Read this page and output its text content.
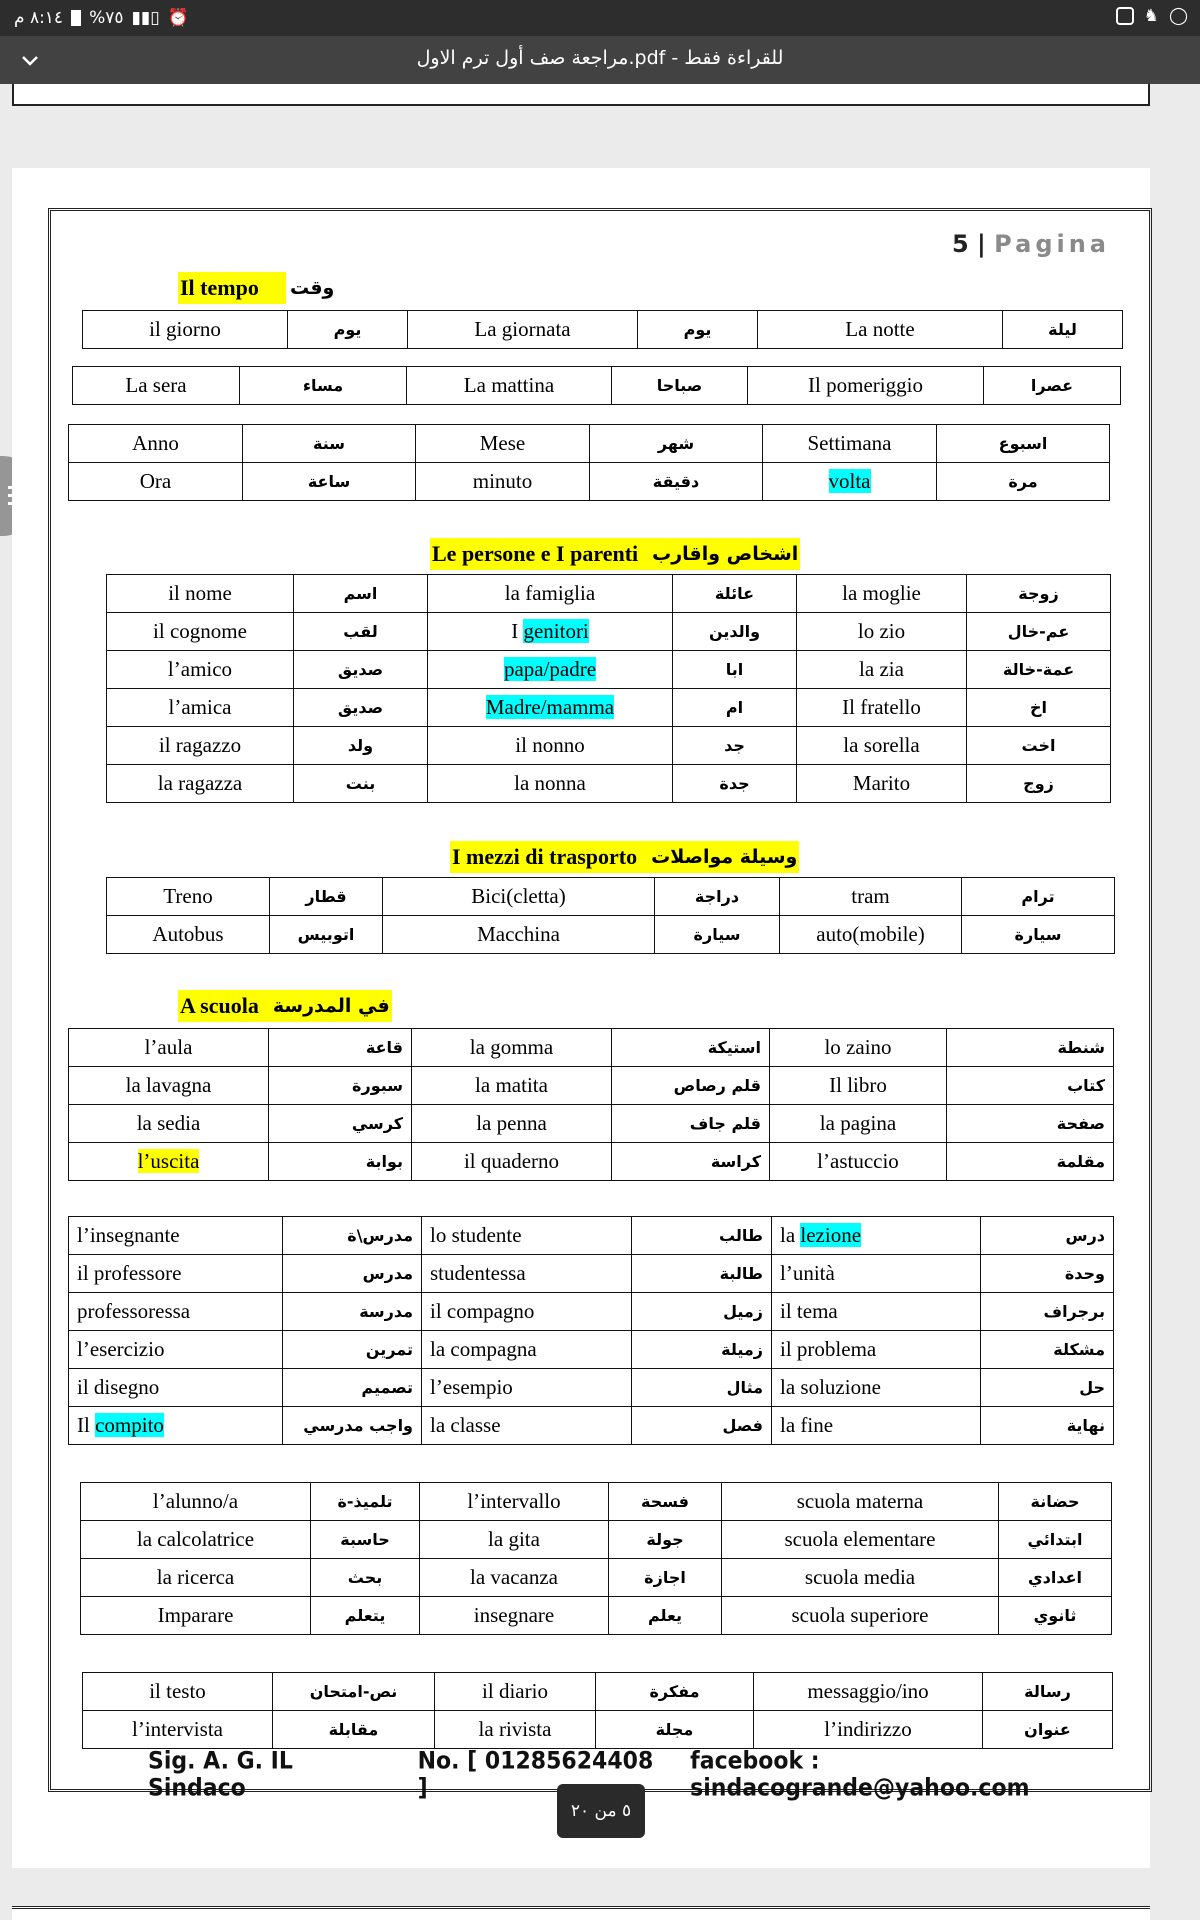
٨:١٤ م %٧٥ ▮▮▯ ⏰	♞ ◯
مراجعة صف أول ترم الاول.pdf - للقراءة فقط
5 | Pagina
Il tempo وقت
il giorno	يوم	La giornata	يوم	La notte	ليلة
La sera	مساء	La mattina	صباحا	Il pomeriggio	عصرا
Anno	سنة	Mese	شهر	Settimana	اسبوع
Ora	ساعة	minuto	دقيقة	volta	مرة
Le persone e I parenti اشخاص واقارب
il nome	اسم	la famiglia	عائلة	la moglie	زوجة
il cognome	لقب	I genitori	والدين	lo zio	عم-خال
l’amico	صديق	papa/padre	ابا	la zia	عمة-خالة
l’amica	صديق	Madre/mamma	ام	Il fratello	اخ
il ragazzo	ولد	il nonno	جد	la sorella	اخت
la ragazza	بنت	la nonna	جدة	Marito	زوج
I mezzi di trasporto وسيلة مواصلات
Treno	قطار	Bici(cletta)	دراجة	tram	ترام
Autobus	اتوبيس	Macchina	سيارة	auto(mobile)	سيارة
A scuola في المدرسة
l’aula	قاعة	la gomma	استيكة	lo zaino	شنطة
la lavagna	سبورة	la matita	قلم رصاص	Il libro	كتاب
la sedia	كرسي	la penna	قلم جاف	la pagina	صفحة
l’uscita	بوابة	il quaderno	كراسة	l’astuccio	مقلمة
l’insegnante	مدرس\ة	lo studente	طالب	la lezione	درس
il professore	مدرس	studentessa	طالبة	l’unità	وحدة
professoressa	مدرسة	il compagno	زميل	il tema	برجراف
l’esercizio	تمرين	la compagna	زميلة	il problema	مشكلة
il disegno	تصميم	l’esempio	مثال	la soluzione	حل
Il compito	واجب مدرسي	la classe	فصل	la fine	نهاية
l’alunno/a	تلميذ-ة	l’intervallo	فسحة	scuola materna	حضانة
la calcolatrice	حاسبة	la gita	جولة	scuola elementare	ابتدائي
la ricerca	بحث	la vacanza	اجازة	scuola media	اعدادي
Imparare	يتعلم	insegnare	يعلم	scuola superiore	ثانوي
il testo	نص-امتحان	il diario	مفكرة	messaggio/ino	رسالة
l’intervista	مقابلة	la rivista	مجلة	l’indirizzo	عنوان
Sig. A. G. IL Sindaco
No. [ 01285624408 ]
facebook : sindacogrande@yahoo.com
٥ من ٢٠
